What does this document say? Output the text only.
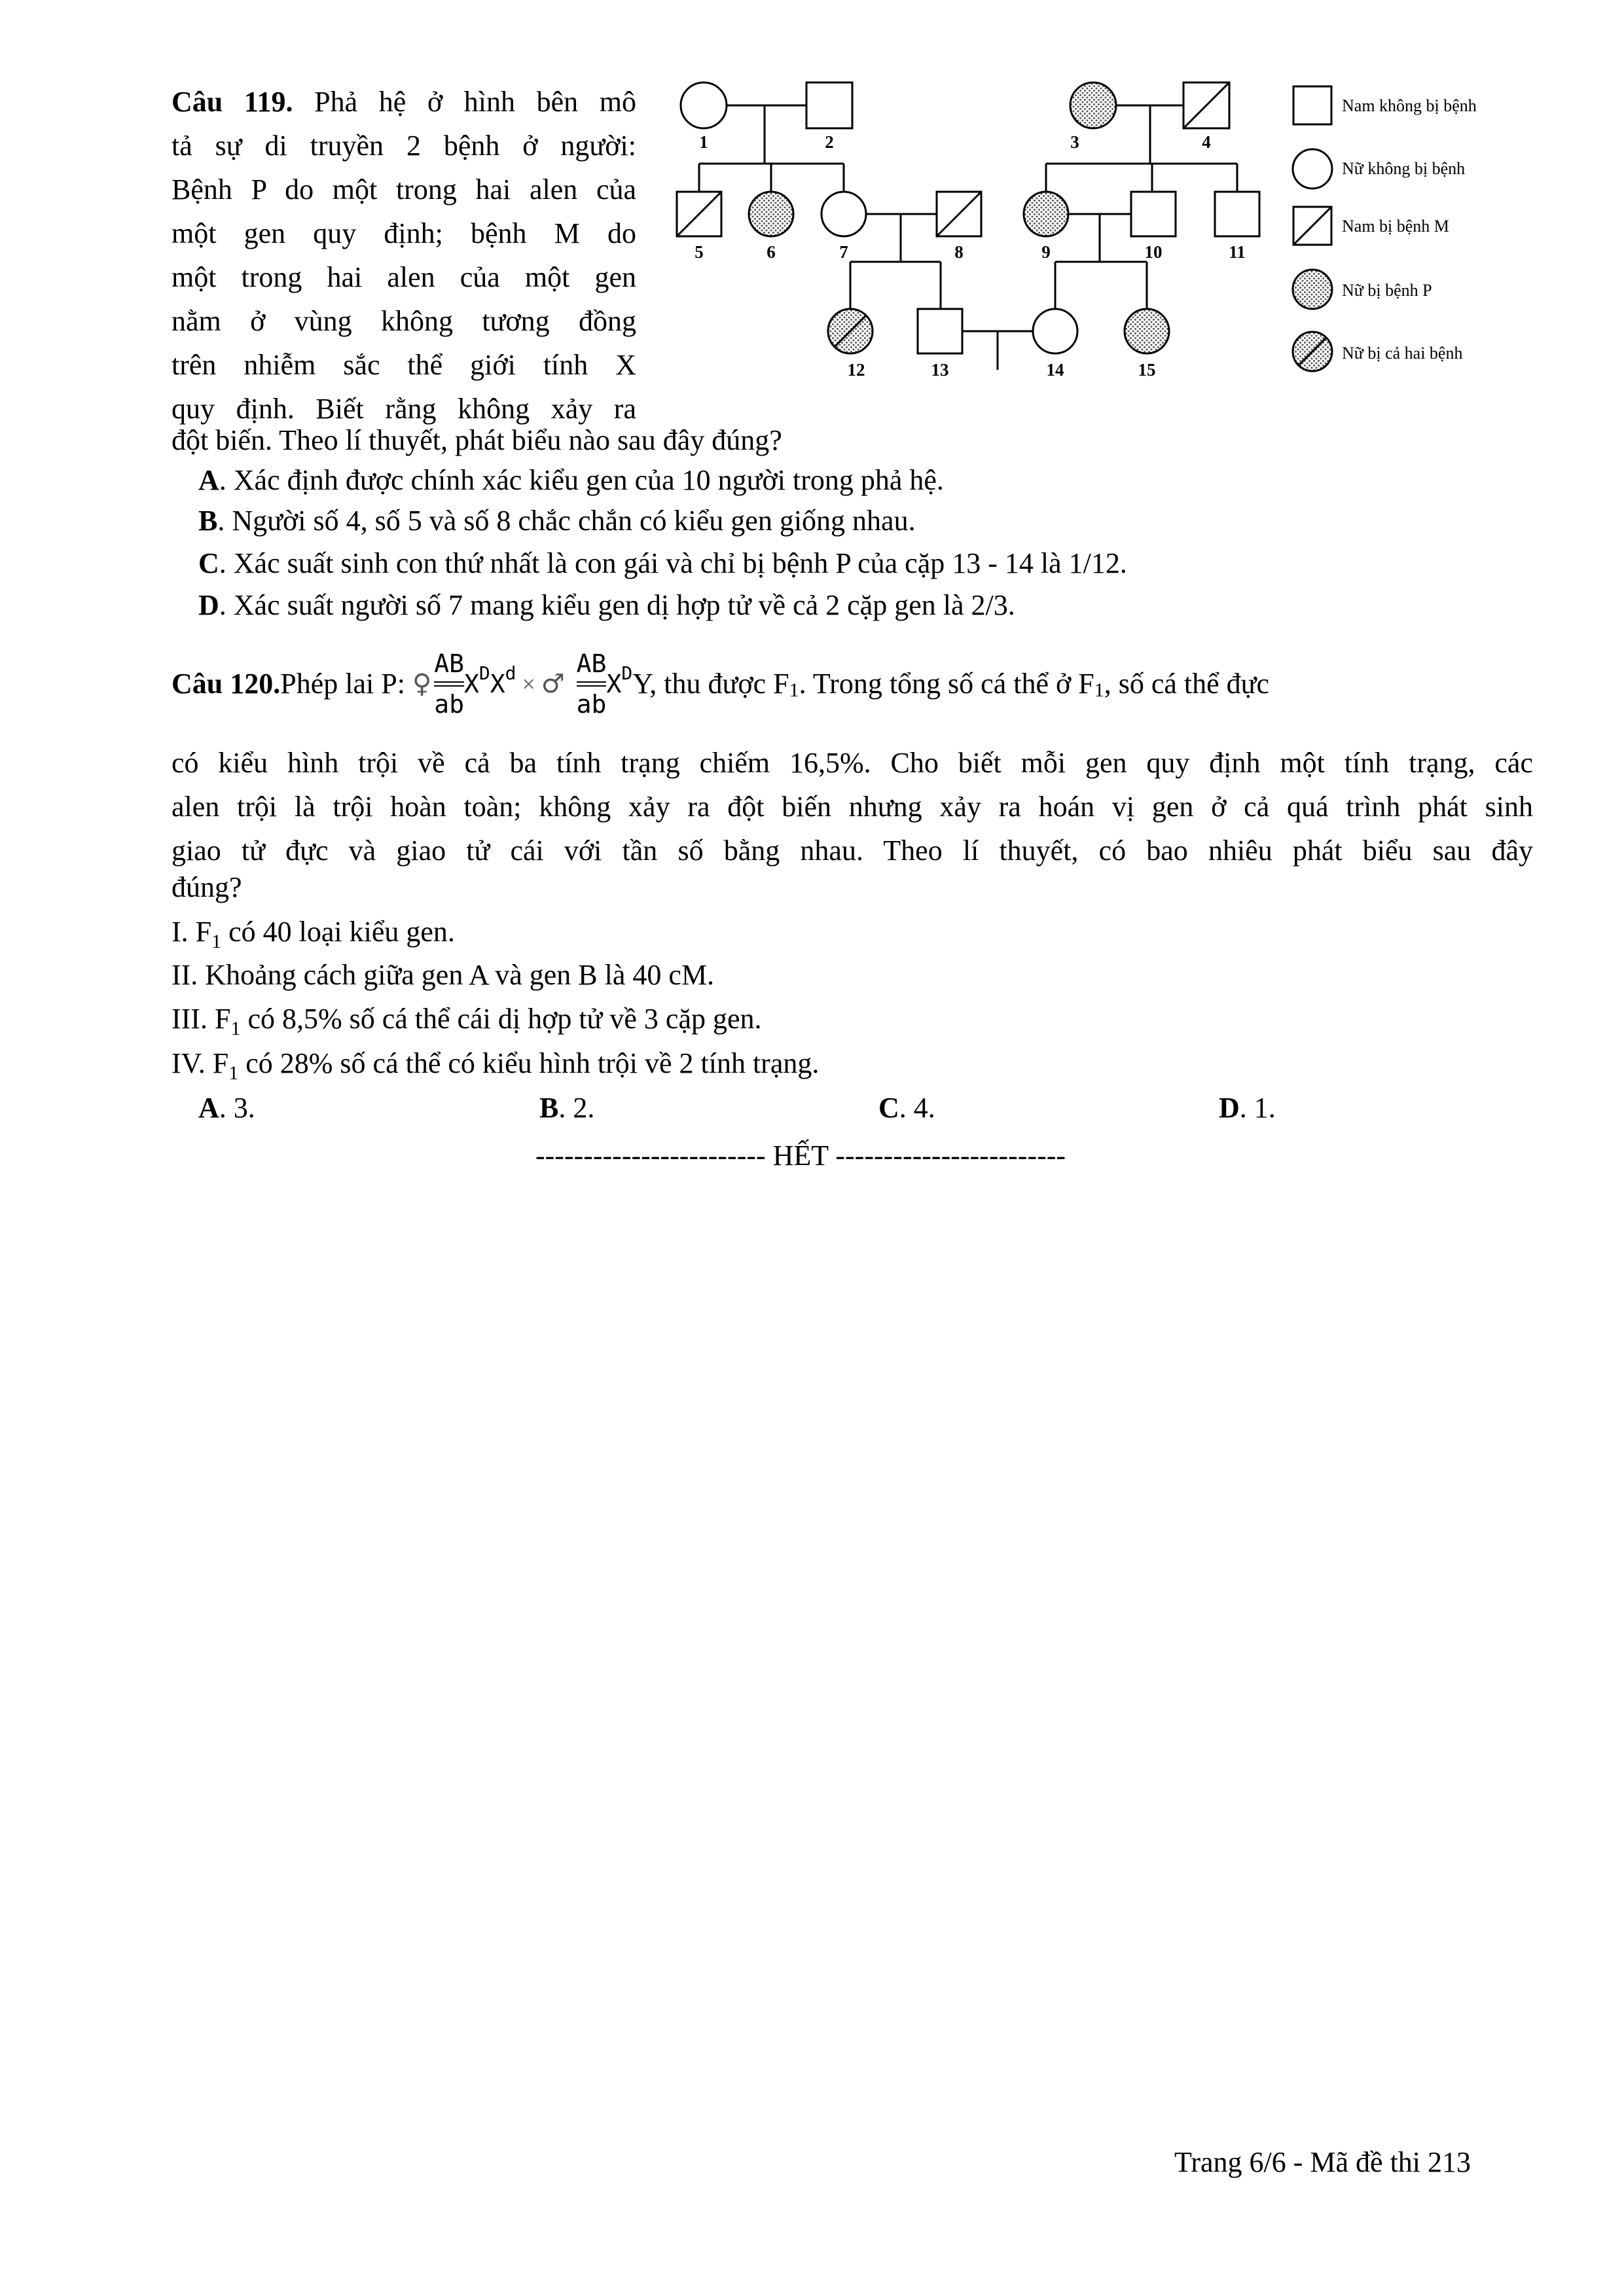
Câu 119. Phả hệ ở hình bên mô
tả sự di truyền 2 bệnh ở người:
Bệnh P do một trong hai alen của
một gen quy định; bệnh M do
một trong hai alen của một gen
nằm ở vùng không tương đồng
trên nhiễm sắc thể giới tính X
quy định. Biết rằng không xảy ra
đột biến. Theo lí thuyết, phát biểu nào sau đây đúng?
A. Xác định được chính xác kiểu gen của 10 người trong phả hệ.
B. Người số 4, số 5 và số 8 chắc chắn có kiểu gen giống nhau.
C. Xác suất sinh con thứ nhất là con gái và chỉ bị bệnh P của cặp 13 - 14 là 1/12.
D. Xác suất người số 7 mang kiểu gen dị hợp tử về cả 2 cặp gen là 2/3.
1	2	3	4
5	6	7	8	9	10	11
12	13	14	15
Nam không bị bệnh
Nữ không bị bệnh
Nam bị bệnh M
Nữ bị bệnh P
Nữ bị cả hai bệnh
Câu 120. Phép lai P: ♀
AB
ab
X D X d × ♂
AB
ab
X D Y, thu được F 1 . Trong tổng số cá thể ở F 1 , số cá thể đực
có kiểu hình trội về cả ba tính trạng chiếm 16,5%. Cho biết mỗi gen quy định một tính trạng, các
alen trội là trội hoàn toàn; không xảy ra đột biến nhưng xảy ra hoán vị gen ở cả quá trình phát sinh
giao tử đực và giao tử cái với tần số bằng nhau. Theo lí thuyết, có bao nhiêu phát biểu sau đây
đúng?
I. $F_1$ có 40 loại kiểu gen.
II. Khoảng cách giữa gen A và gen B là 40 cM.
III. $F_1$ có 8,5% số cá thể cái dị hợp tử về 3 cặp gen.
IV. $F_1$ có 28% số cá thể có kiểu hình trội về 2 tính trạng.
A. 3.	B. 2.	C. 4.	D. 1.
------------------------ HẾT ------------------------
Trang 6/6 - Mã đề thi 213
